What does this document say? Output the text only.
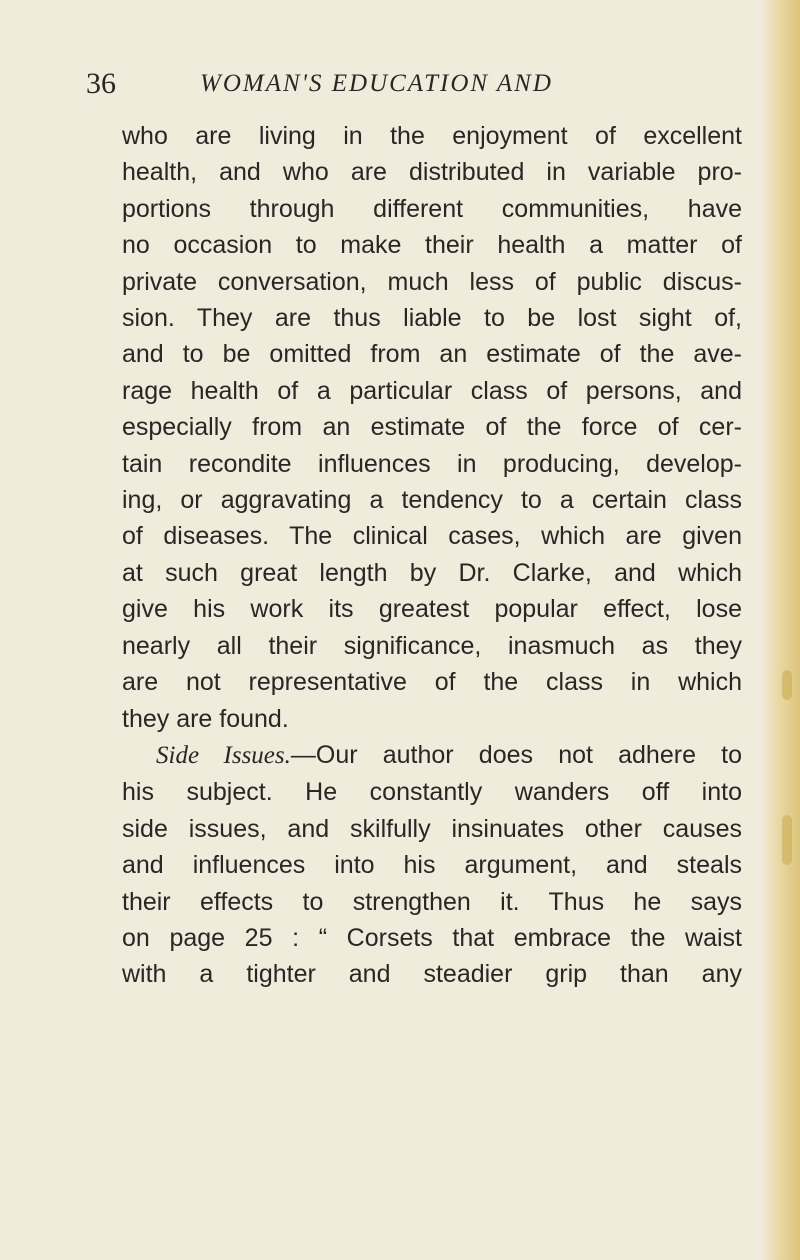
36	WOMAN'S EDUCATION AND
who are living in the enjoyment of excellent
health, and who are distributed in variable pro-
portions through different communities, have
no occasion to make their health a matter of
private conversation, much less of public discus-
sion. They are thus liable to be lost sight of,
and to be omitted from an estimate of the ave-
rage health of a particular class of persons, and
especially from an estimate of the force of cer-
tain recondite influences in producing, develop-
ing, or aggravating a tendency to a certain class
of diseases. The clinical cases, which are given
at such great length by Dr. Clarke, and which
give his work its greatest popular effect, lose
nearly all their significance, inasmuch as they
are not representative of the class in which
they are found.
Side Issues.—Our author does not adhere to
his subject. He constantly wanders off into
side issues, and skilfully insinuates other causes
and influences into his argument, and steals
their effects to strengthen it. Thus he says
on page 25 : “ Corsets that embrace the waist
with a tighter and steadier grip than any
